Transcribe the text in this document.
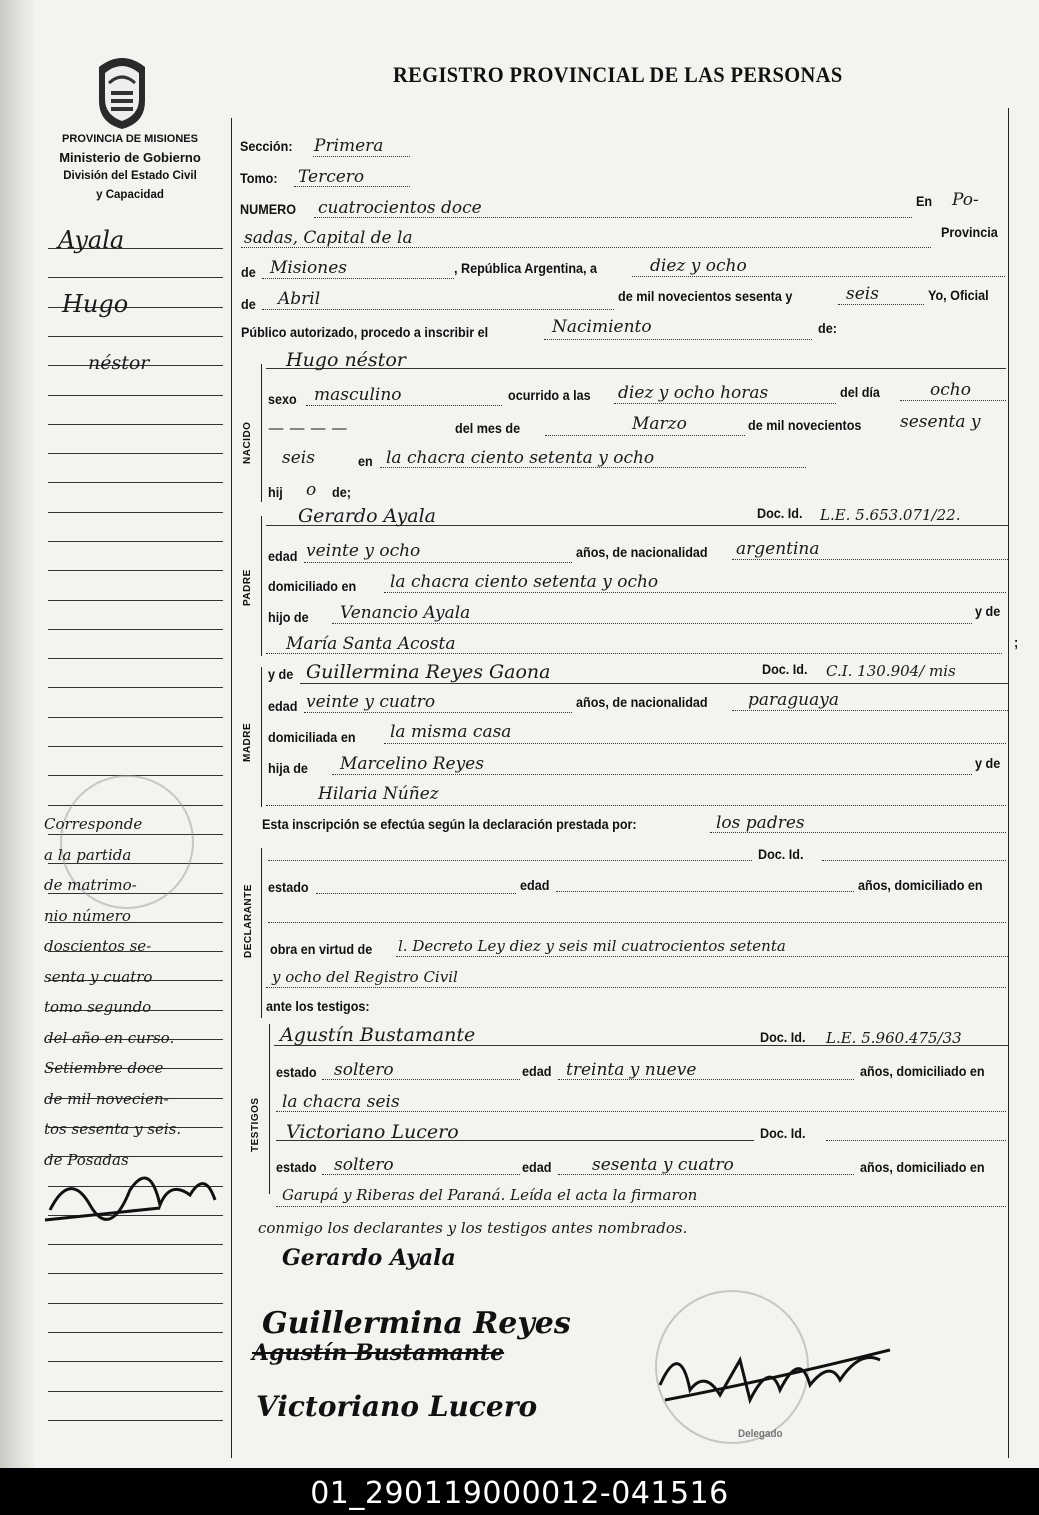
PROVINCIA DE MISIONES
Ministerio de Gobierno
División del Estado Civil
y Capacidad
REGISTRO PROVINCIAL DE LAS PERSONAS
Ayala
Hugo
néstor
Corresponde
a la partida
de matrimo-
nio número
doscientos se-
senta y cuatro
tomo segundo
del año en curso.
Setiembre doce
de mil novecien-
tos sesenta y seis.
de Posadas
Sección: Primera
Tomo: Tercero
NUMERO cuatrocientos doce	En Po-
sadas, Capital de la	Provincia
de Misiones	, República Argentina, a	diez y ocho
de Abril	de mil novecientos sesenta y	seis	Yo, Oficial
Público autorizado, procedo a inscribir el	Nacimiento	de:
NACIDO
Hugo néstor
sexo masculino	ocurrido a las diez y ocho horas	del día	ocho
— — — —	del mes de	Marzo	de mil novecientos sesenta y
seis	en la chacra ciento setenta y ocho
hij o de;
PADRE
Gerardo Ayala	Doc. Id. L.E. 5.653.071/22.
edad veinte y ocho	años, de nacionalidad argentina
domiciliado en la chacra ciento setenta y ocho
hijo de Venancio Ayala	y de
María Santa Acosta	;
MADRE
y de Guillermina Reyes Gaona	Doc. Id. C.I. 130.904/ mis
edad veinte y cuatro	años, de nacionalidad paraguaya
domiciliada en la misma casa
hija de Marcelino Reyes	y de
Hilaria Núñez
Esta inscripción se efectúa según la declaración prestada por:	los padres
DECLARANTE
Doc. Id.
estado	edad	años, domiciliado en
obra en virtud de l. Decreto Ley diez y seis mil cuatrocientos setenta
y ocho del Registro Civil
ante los testigos:
TESTIGOS
Agustín Bustamante	Doc. Id. L.E. 5.960.475/33
estado soltero	edad treinta y nueve	años, domiciliado en
la chacra seis
Victoriano Lucero	Doc. Id.
estado soltero	edad sesenta y cuatro	años, domiciliado en
Garupá y Riberas del Paraná. Leída el acta la firmaron
conmigo los declarantes y los testigos antes nombrados.
Gerardo Ayala
Guillermina Reyes
Agustín Bustamante
Victoriano Lucero
Delegado
01_290119000012-041516
